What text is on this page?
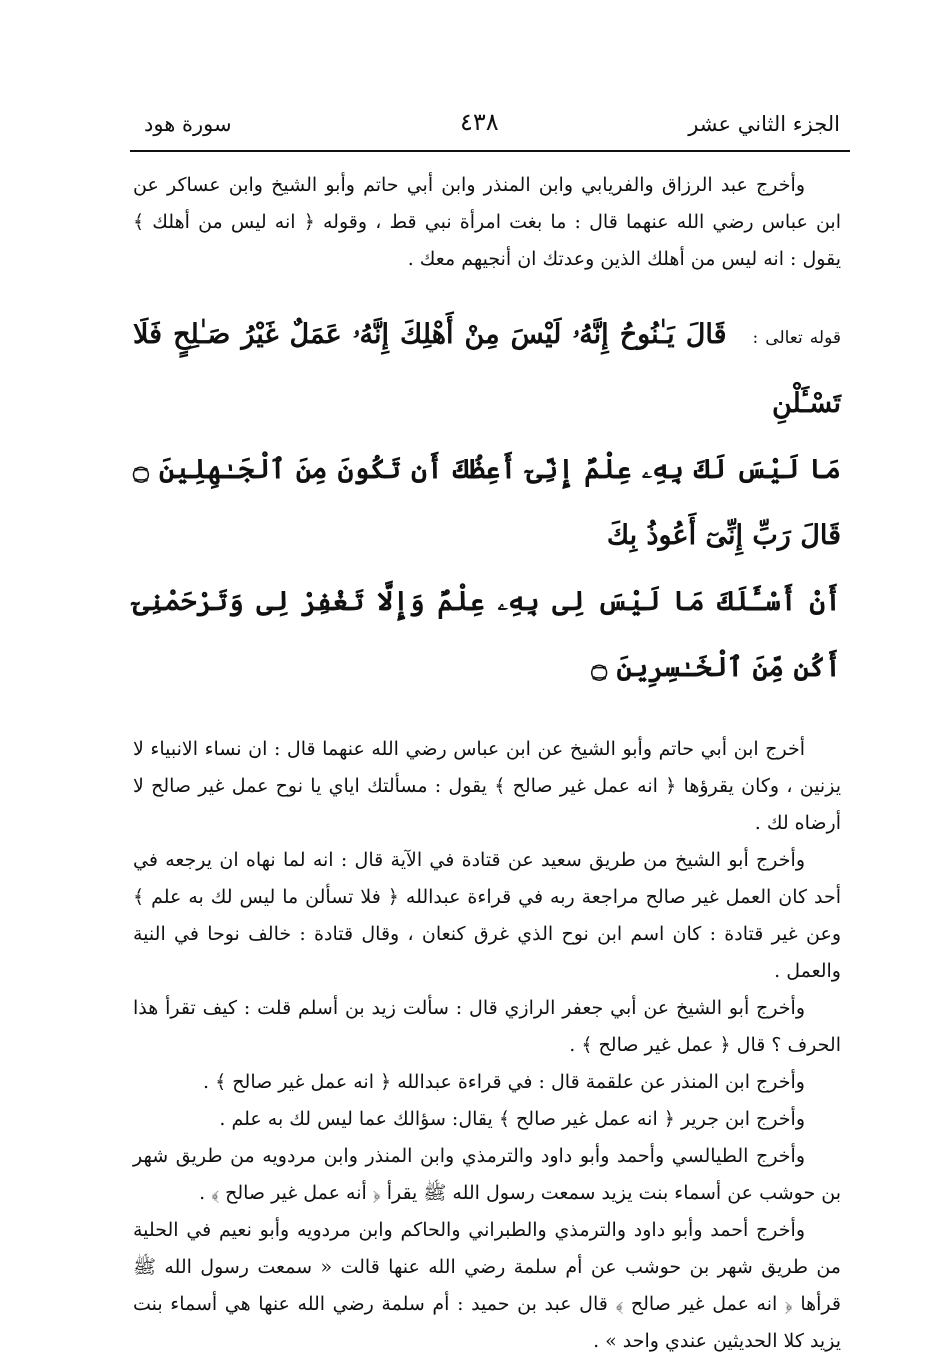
الجزء الثاني عشر
٤٣٨
سورة هود

وأخرج عبد الرزاق والفريابي وابن المنذر وابن أبي حاتم وأبو الشيخ وابن عساكر عن ابن عباس رضي الله عنهما قال : ما بغت امرأة نبي قط ، وقوله ﴿ انه ليس من أهلك ﴾ يقول : انه ليس من أهلك الذين وعدتك ان أنجيهم معك .

قوله تعالى :قَالَ يَـٰنُوحُ إِنَّهُۥ لَيْسَ مِنْ أَهْلِكَ إِنَّهُۥ عَمَلٌ غَيْرُ صَـٰلِحٍ فَلَا تَسْـَٔلْنِ

مَا لَيْسَ لَكَ بِهِۦ عِلْمٌ إِنِّىٓ أَعِظُكَ أَن تَكُونَ مِنَ ٱلْجَـٰهِلِينَ ۝ قَالَ رَبِّ إِنِّىٓ أَعُوذُ بِكَ

أَنْ أَسْـَٔلَكَ مَا لَيْسَ لِى بِهِۦ عِلْمٌ وَإِلَّا تَغْفِرْ لِى وَتَرْحَمْنِىٓ أَكُن مِّنَ ٱلْخَـٰسِرِينَ ۝

أخرج ابن أبي حاتم وأبو الشيخ عن ابن عباس رضي الله عنهما قال : ان نساء الانبياء لا يزنين ، وكان يقرؤها ﴿ انه عمل غير صالح ﴾ يقول : مسألتك اياي يا نوح عمل غير صالح لا أرضاه لك .

وأخرج أبو الشيخ من طريق سعيد عن قتادة في الآية قال : انه لما نهاه ان يرجعه في أحد كان العمل غير صالح مراجعة ربه في قراءة عبدالله ﴿ فلا تسألن ما ليس لك به علم ﴾ وعن غير قتادة : كان اسم ابن نوح الذي غرق كنعان ، وقال قتادة : خالف نوحا في النية والعمل .

وأخرج أبو الشيخ عن أبي جعفر الرازي قال : سألت زيد بن أسلم قلت : كيف تقرأ هذا الحرف ؟ قال ﴿ عمل غير صالح ﴾ .

وأخرج ابن المنذر عن علقمة قال : في قراءة عبدالله ﴿ انه عمل غير صالح ﴾ .

وأخرج ابن جرير ﴿ انه عمل غير صالح ﴾ يقال: سؤالك عما ليس لك به علم .

وأخرج الطيالسي وأحمد وأبو داود والترمذي وابن المنذر وابن مردويه من طريق شهر بن حوشب عن أسماء بنت يزيد سمعت رسول الله ﷺ يقرأ ﴿ أنه عمل غير صالح ﴾ .

وأخرج أحمد وأبو داود والترمذي والطبراني والحاكم وابن مردويه وأبو نعيم في الحلية من طريق شهر بن حوشب عن أم سلمة رضي الله عنها قالت « سمعت رسول الله ﷺ قرأها ﴿ انه عمل غير صالح ﴾ قال عبد بن حميد : أم سلمة رضي الله عنها هي أسماء بنت يزيد كلا الحديثين عندي واحد » .
